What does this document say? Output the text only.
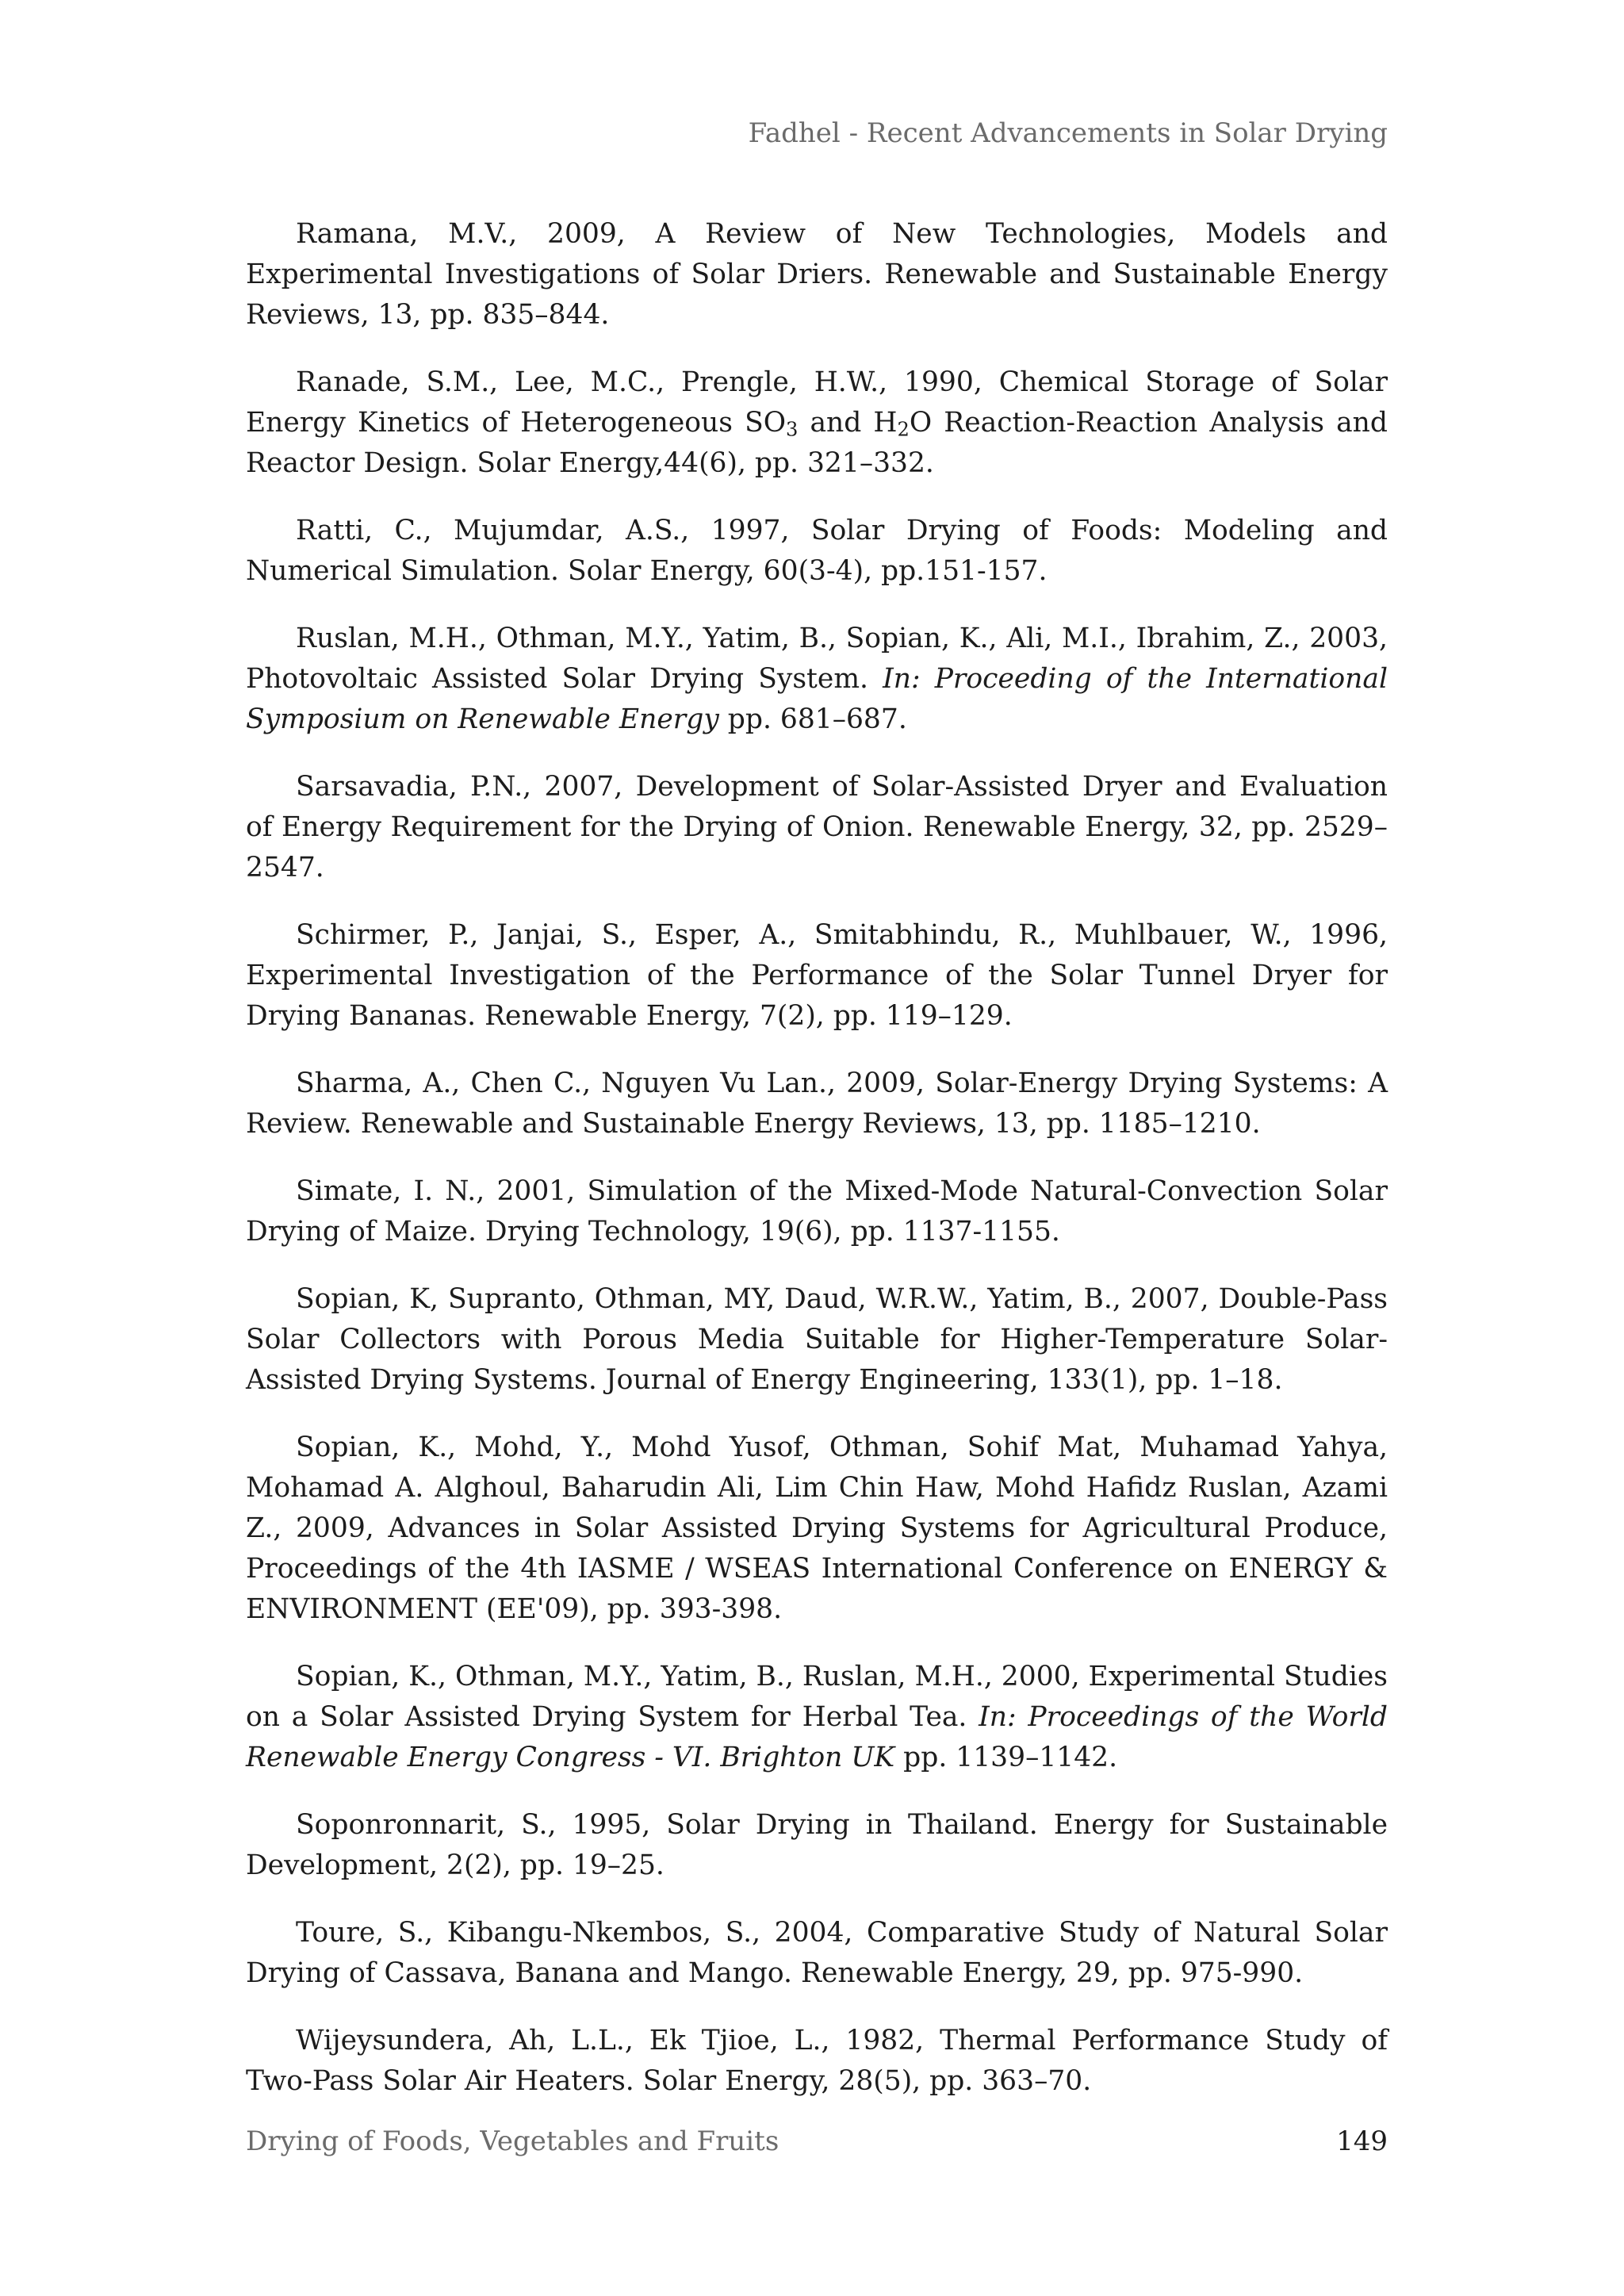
Fadhel - Recent Advancements in Solar Drying

Ramana, M.V., 2009, A Review of New Technologies, Models and Experimental Investigations of Solar Driers. Renewable and Sustainable Energy Reviews, 13, pp. 835–844.

Ranade, S.M., Lee, M.C., Prengle, H.W., 1990, Chemical Storage of Solar Energy Kinetics of Heterogeneous $SO_3$ and $H_2O$ Reaction-Reaction Analysis and Reactor Design. Solar Energy,44(6), pp. 321–332.

Ratti, C., Mujumdar, A.S., 1997, Solar Drying of Foods: Modeling and Numerical Simulation. Solar Energy, 60(3-4), pp.151-157.

Ruslan, M.H., Othman, M.Y., Yatim, B., Sopian, K., Ali, M.I., Ibrahim, Z., 2003, Photovoltaic Assisted Solar Drying System. In: Proceeding of the International Symposium on Renewable Energy pp. 681–687.

Sarsavadia, P.N., 2007, Development of Solar-Assisted Dryer and Evaluation of Energy Requirement for the Drying of Onion. Renewable Energy, 32, pp. 2529–2547.

Schirmer, P., Janjai, S., Esper, A., Smitabhindu, R., Muhlbauer, W., 1996, Experimental Investigation of the Performance of the Solar Tunnel Dryer for Drying Bananas. Renewable Energy, 7(2), pp. 119–129.

Sharma, A., Chen C., Nguyen Vu Lan., 2009, Solar-Energy Drying Systems: A Review. Renewable and Sustainable Energy Reviews, 13, pp. 1185–1210.

Simate, I. N., 2001, Simulation of the Mixed-Mode Natural-Convection Solar Drying of Maize. Drying Technology, 19(6), pp. 1137-1155.

Sopian, K, Supranto, Othman, MY, Daud, W.R.W., Yatim, B., 2007, Double-Pass Solar Collectors with Porous Media Suitable for Higher-Temperature Solar-Assisted Drying Systems. Journal of Energy Engineering, 133(1), pp. 1–18.

Sopian, K., Mohd, Y., Mohd Yusof, Othman, Sohif Mat, Muhamad Yahya, Mohamad A. Alghoul, Baharudin Ali, Lim Chin Haw, Mohd Hafidz Ruslan, Azami Z., 2009, Advances in Solar Assisted Drying Systems for Agricultural Produce, Proceedings of the 4th IASME / WSEAS International Conference on ENERGY & ENVIRONMENT (EE'09), pp. 393-398.

Sopian, K., Othman, M.Y., Yatim, B., Ruslan, M.H., 2000, Experimental Studies on a Solar Assisted Drying System for Herbal Tea. In: Proceedings of the World Renewable Energy Congress - VI. Brighton UK pp. 1139–1142.

Soponronnarit, S., 1995, Solar Drying in Thailand. Energy for Sustainable Development, 2(2), pp. 19–25.

Toure, S., Kibangu-Nkembos, S., 2004, Comparative Study of Natural Solar Drying of Cassava, Banana and Mango. Renewable Energy, 29, pp. 975-990.

Wijeysundera, Ah, L.L., Ek Tjioe, L., 1982, Thermal Performance Study of Two-Pass Solar Air Heaters. Solar Energy, 28(5), pp. 363–70.

Drying of Foods, Vegetables and Fruits	149
